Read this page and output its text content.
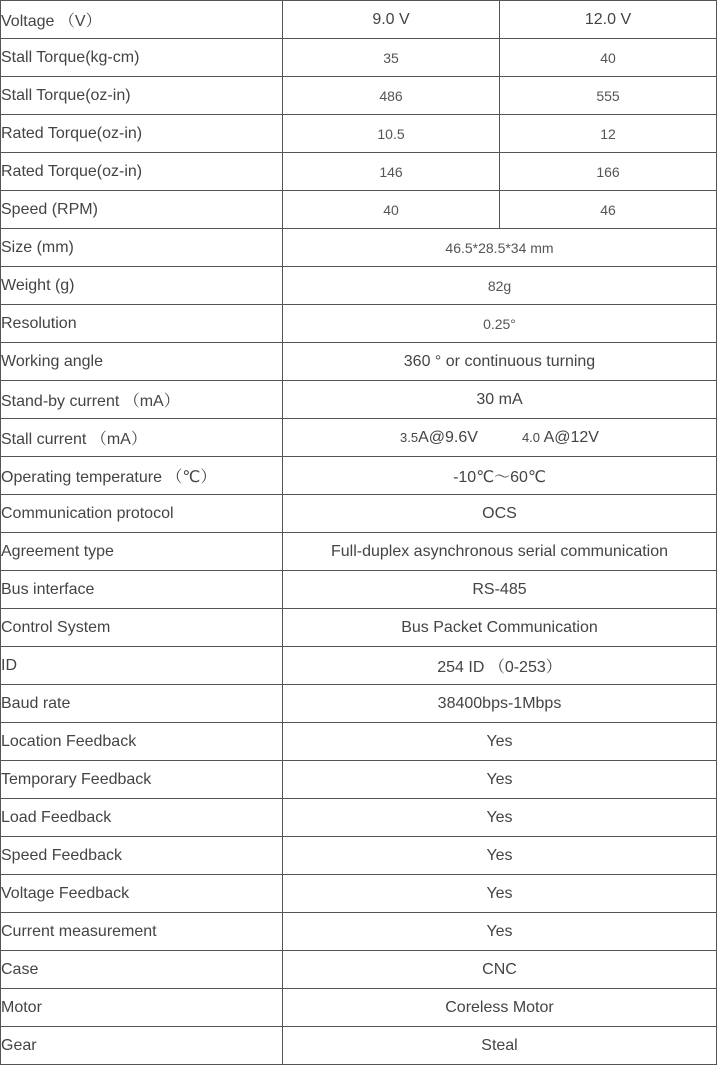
Voltage （V）	9.0 V	12.0 V
Stall Torque(kg-cm)	35	40
Stall Torque(oz-in)	486	555
Rated Torque(oz-in)	10.5	12
Rated Torque(oz-in)	146	166
Speed (RPM)	40	46
Size (mm)	46.5*28.5*34 mm	
Weight (g)	82g	
Resolution	0.25°	
Working angle	360 ° or continuous turning	
Stand-by current （mA）	30 mA	
Stall current （mA）	3.5A@9.6V 4.0 A@12V	
Operating temperature （℃）	-10℃～60℃	
Communication protocol	OCS	
Agreement type	Full-duplex asynchronous serial communication	
Bus interface	RS-485	
Control System	Bus Packet Communication	
ID	254 ID （0-253）	
Baud rate	38400bps-1Mbps	
Location Feedback	Yes	
Temporary Feedback	Yes	
Load Feedback	Yes	
Speed Feedback	Yes	
Voltage Feedback	Yes	
Current measurement	Yes	
Case	CNC	
Motor	Coreless Motor	
Gear	Steal	
